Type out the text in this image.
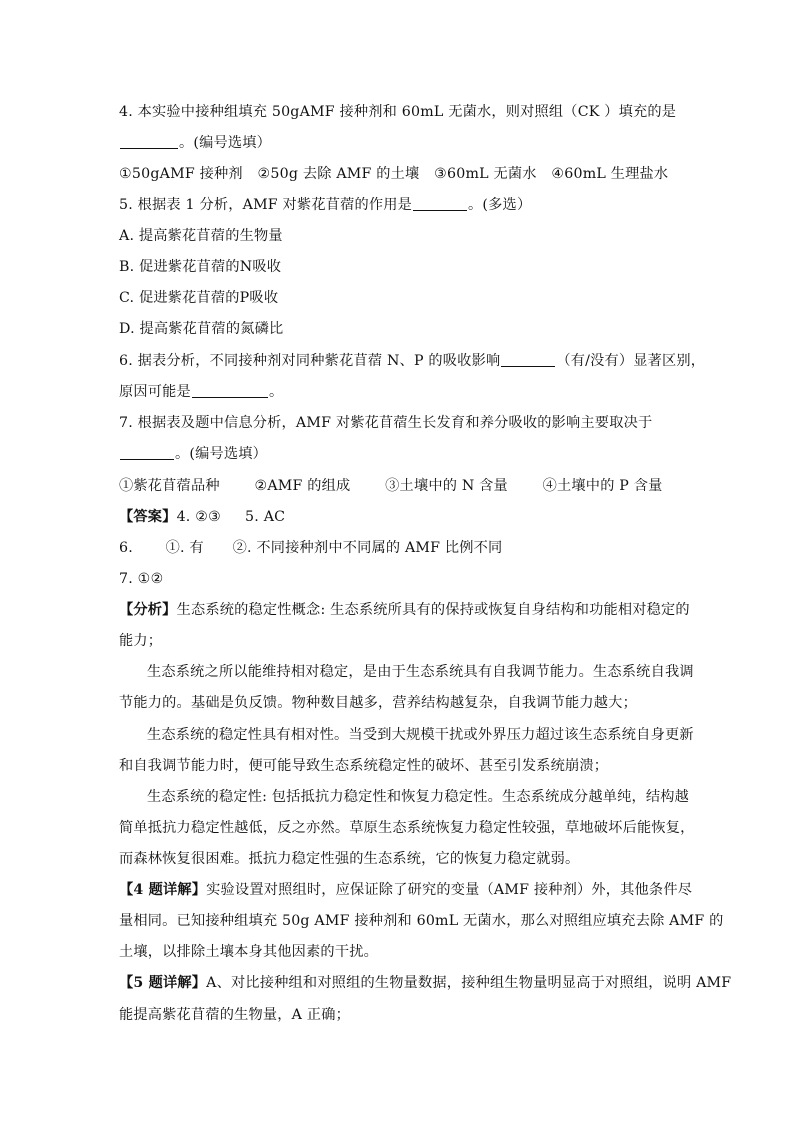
4. 本实验中接种组填充 50gAMF 接种剂和 60mL 无菌水，则对照组（CK ）填充的是
。(编号选填）
①50gAMF 接种剂 ②50g 去除 AMF 的土壤 ③60mL 无菌水 ④60mL 生理盐水
5. 根据表 1 分析，AMF 对紫花苜蓿的作用是	。(多选）
A. 提高紫花苜蓿的生物量
B. 促进紫花苜蓿的N吸收
C. 促进紫花苜蓿的P吸收
D. 提高紫花苜蓿的氮磷比
6. 据表分析，不同接种剂对同种紫花苜蓿 N、P 的吸收影响	（有/没有）显著区别，
原因可能是	。
7. 根据表及题中信息分析，AMF 对紫花苜蓿生长发育和养分吸收的影响主要取决于
。(编号选填）
①紫花苜蓿品种 ②AMF 的组成 ③土壤中的 N 含量 ④土壤中的 P 含量
【答案】4. ②③ 5. AC
6. ①. 有 ②. 不同接种剂中不同属的 AMF 比例不同
7. ①②
【分析】生态系统的稳定性概念: 生态系统所具有的保持或恢复自身结构和功能相对稳定的
能力；
生态系统之所以能维持相对稳定，是由于生态系统具有自我调节能力。生态系统自我调
节能力的。基础是负反馈。物种数目越多，营养结构越复杂，自我调节能力越大；
生态系统的稳定性具有相对性。当受到大规模干扰或外界压力超过该生态系统自身更新
和自我调节能力时，便可能导致生态系统稳定性的破坏、甚至引发系统崩溃；
生态系统的稳定性: 包括抵抗力稳定性和恢复力稳定性。生态系统成分越单纯，结构越
简单抵抗力稳定性越低，反之亦然。草原生态系统恢复力稳定性较强，草地破坏后能恢复，
而森林恢复很困难。抵抗力稳定性强的生态系统，它的恢复力稳定就弱。
【4 题详解】实验设置对照组时，应保证除了研究的变量（AMF 接种剂）外，其他条件尽
量相同。已知接种组填充 50g AMF 接种剂和 60mL 无菌水，那么对照组应填充去除 AMF 的
土壤，以排除土壤本身其他因素的干扰。
【5 题详解】A、对比接种组和对照组的生物量数据，接种组生物量明显高于对照组，说明 AMF
能提高紫花苜蓿的生物量，A 正确；
